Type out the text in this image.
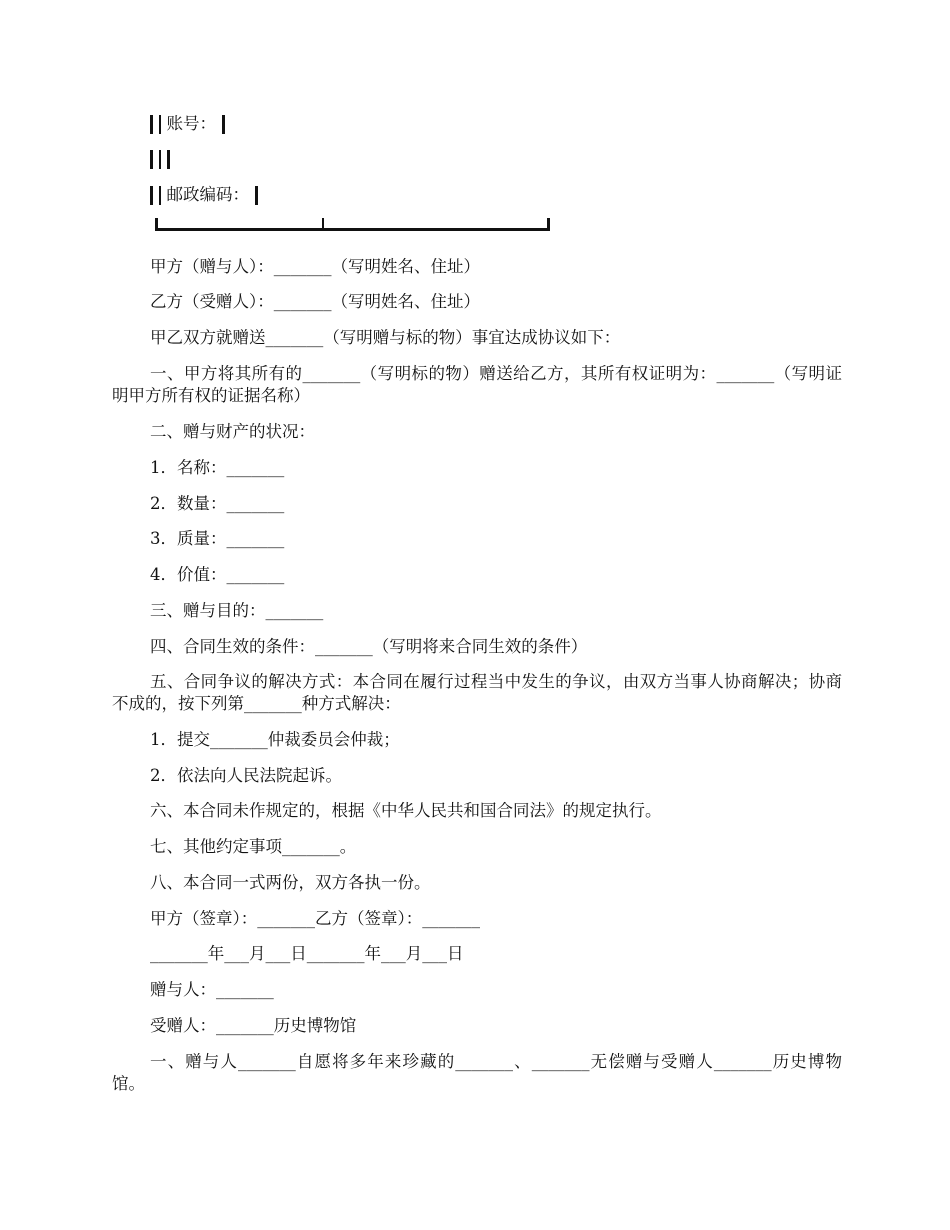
账号：
邮政编码：
甲方（赠与人）：_______（写明姓名、住址）
乙方（受赠人）：_______（写明姓名、住址）
甲乙双方就赠送_______（写明赠与标的物）事宜达成协议如下：
一、甲方将其所有的_______（写明标的物）赠送给乙方，其所有权证明为：_______（写明证明甲方所有权的证据名称）
二、赠与财产的状况：
1．名称：_______
2．数量：_______
3．质量：_______
4．价值：_______
三、赠与目的：_______
四、合同生效的条件：_______（写明将来合同生效的条件）
五、合同争议的解决方式：本合同在履行过程当中发生的争议，由双方当事人协商解决；协商不成的，按下列第_______种方式解决：
1．提交_______仲裁委员会仲裁；
2．依法向人民法院起诉。
六、本合同未作规定的，根据《中华人民共和国合同法》的规定执行。
七、其他约定事项_______。
八、本合同一式两份，双方各执一份。
甲方（签章）：_______乙方（签章）：_______
_______年___月___日_______年___月___日
赠与人：_______
受赠人：_______历史博物馆
一、赠与人_______自愿将多年来珍藏的_______、_______无偿赠与受赠人_______历史博物馆。
